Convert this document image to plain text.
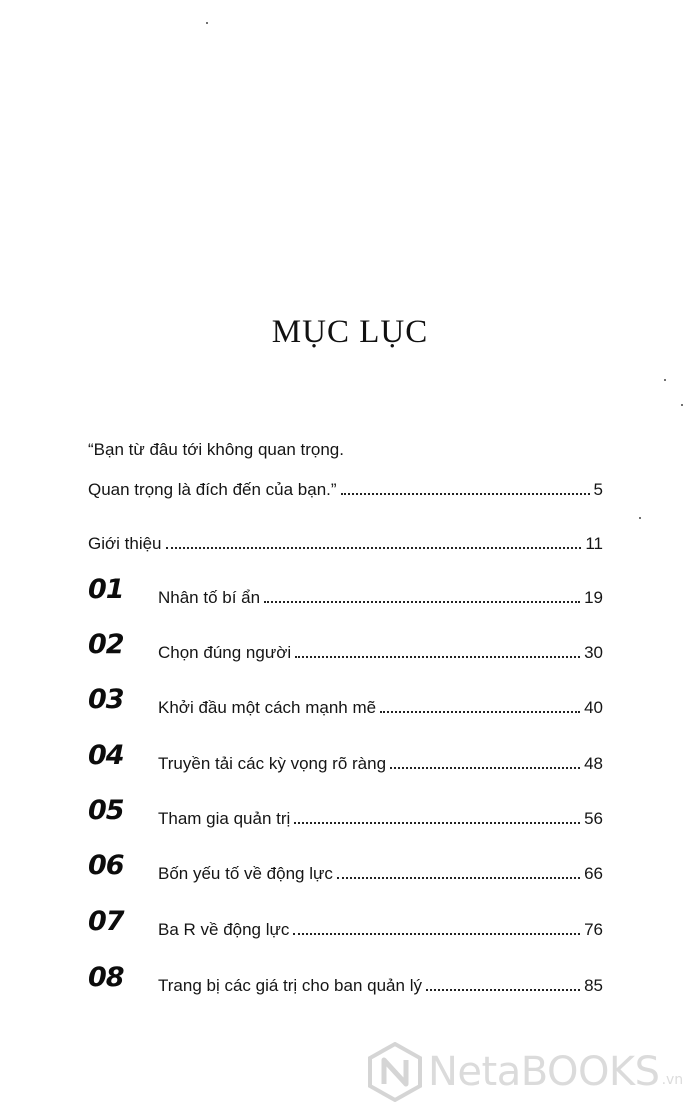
MỤC LỤC
“Bạn từ đâu tới không quan trọng.
Quan trọng là đích đến của bạn.”	5
Giới thiệu	11
01	Nhân tố bí ẩn	19
02	Chọn đúng người	30
03	Khởi đầu một cách mạnh mẽ	40
04	Truyền tải các kỳ vọng rõ ràng	48
05	Tham gia quản trị	56
06	Bốn yếu tố về động lực	66
07	Ba R về động lực	76
08	Trang bị các giá trị cho ban quản lý	85
NetaBOOKS .vn
